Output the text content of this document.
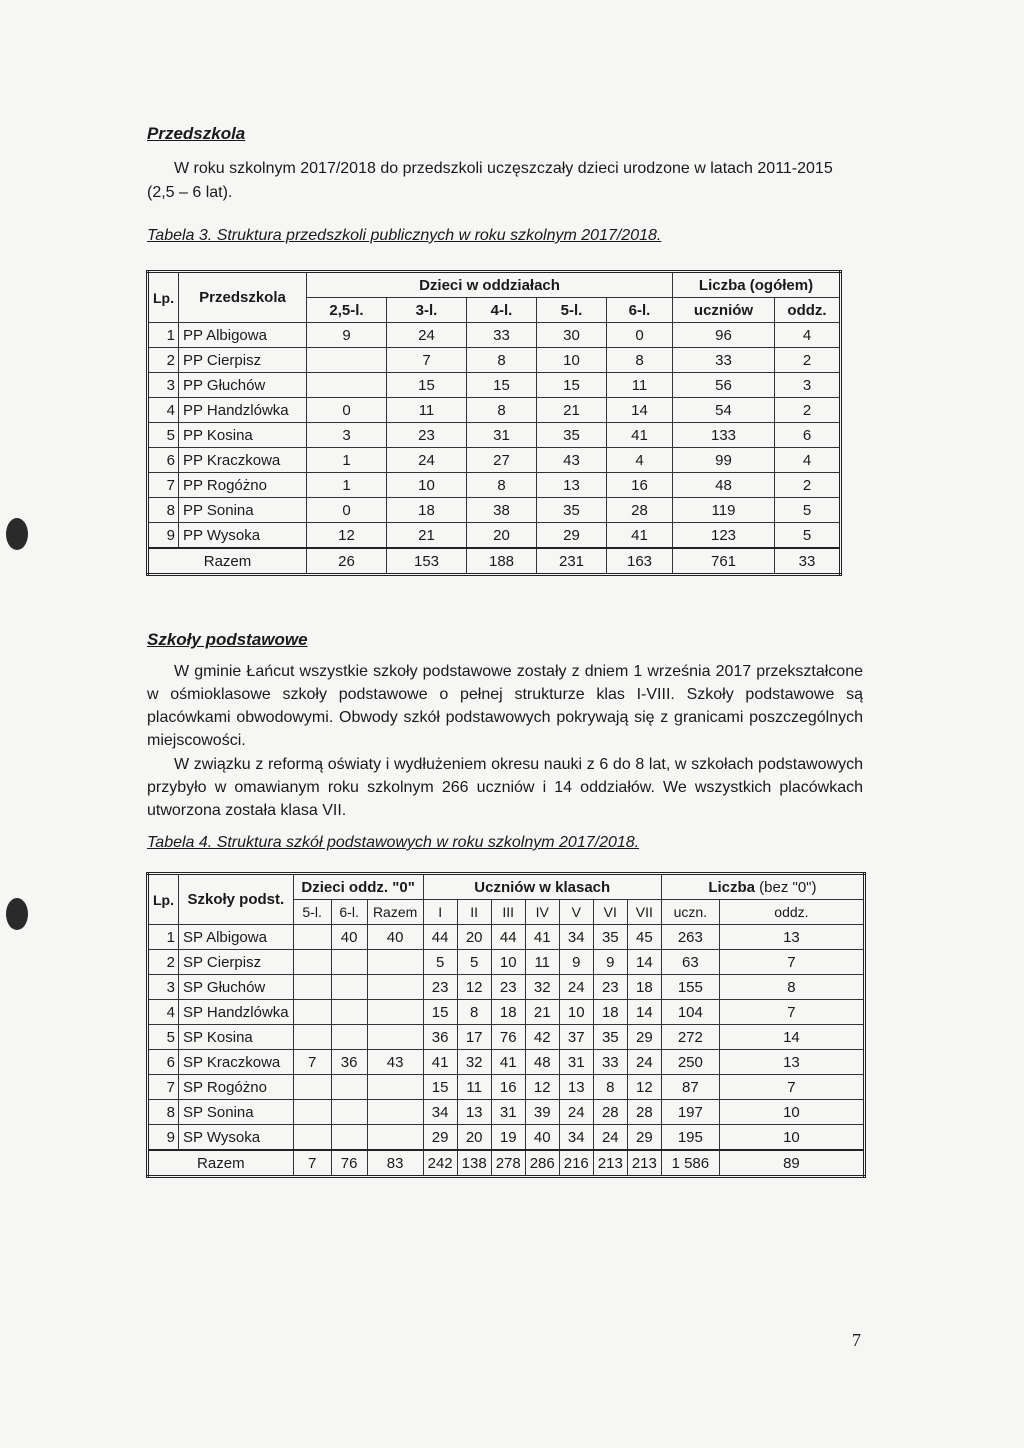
Przedszkola
W roku szkolnym 2017/2018 do przedszkoli uczęszczały dzieci urodzone w latach 2011-2015
(2,5 – 6 lat).
Tabela 3. Struktura przedszkoli publicznych w roku szkolnym 2017/2018.
Lp.	Przedszkola	Dzieci w oddziałach					Liczba (ogółem)	
		2,5-l.	3-l.	4-l.	5-l.	6-l.	uczniów	oddz.
1	PP Albigowa	9	24	33	30	0	96	4
2	PP Cierpisz		7	8	10	8	33	2
3	PP Głuchów		15	15	15	11	56	3
4	PP Handzlówka	0	11	8	21	14	54	2
5	PP Kosina	3	23	31	35	41	133	6
6	PP Kraczkowa	1	24	27	43	4	99	4
7	PP Rogóżno	1	10	8	13	16	48	2
8	PP Sonina	0	18	38	35	28	119	5
9	PP Wysoka	12	21	20	29	41	123	5
Razem		26	153	188	231	163	761	33
Szkoły podstawowe
W gminie Łańcut wszystkie szkoły podstawowe zostały z dniem 1 września 2017 przekształcone w ośmioklasowe szkoły podstawowe o pełnej strukturze klas I-VIII. Szkoły podstawowe są placówkami obwodowymi. Obwody szkół podstawowych pokrywają się z granicami poszczególnych miejscowości.
W związku z reformą oświaty i wydłużeniem okresu nauki z 6 do 8 lat, w szkołach podstawowych przybyło w omawianym roku szkolnym 266 uczniów i 14 oddziałów. We wszystkich placówkach utworzona została klasa VII.
Tabela 4. Struktura szkół podstawowych w roku szkolnym 2017/2018.
Lp.	Szkoły podst.	Dzieci oddz. "0"			Uczniów w klasach							Liczba (bez "0")	
		5-l.	6-l.	Razem	I	II	III	IV	V	VI	VII	uczn.	oddz.
1	SP Albigowa		40	40	44	20	44	41	34	35	45	263	13
2	SP Cierpisz				5	5	10	11	9	9	14	63	7
3	SP Głuchów				23	12	23	32	24	23	18	155	8
4	SP Handzlówka				15	8	18	21	10	18	14	104	7
5	SP Kosina				36	17	76	42	37	35	29	272	14
6	SP Kraczkowa	7	36	43	41	32	41	48	31	33	24	250	13
7	SP Rogóżno				15	11	16	12	13	8	12	87	7
8	SP Sonina				34	13	31	39	24	28	28	197	10
9	SP Wysoka				29	20	19	40	34	24	29	195	10
Razem		7	76	83	242	138	278	286	216	213	213	1 586	89
7
